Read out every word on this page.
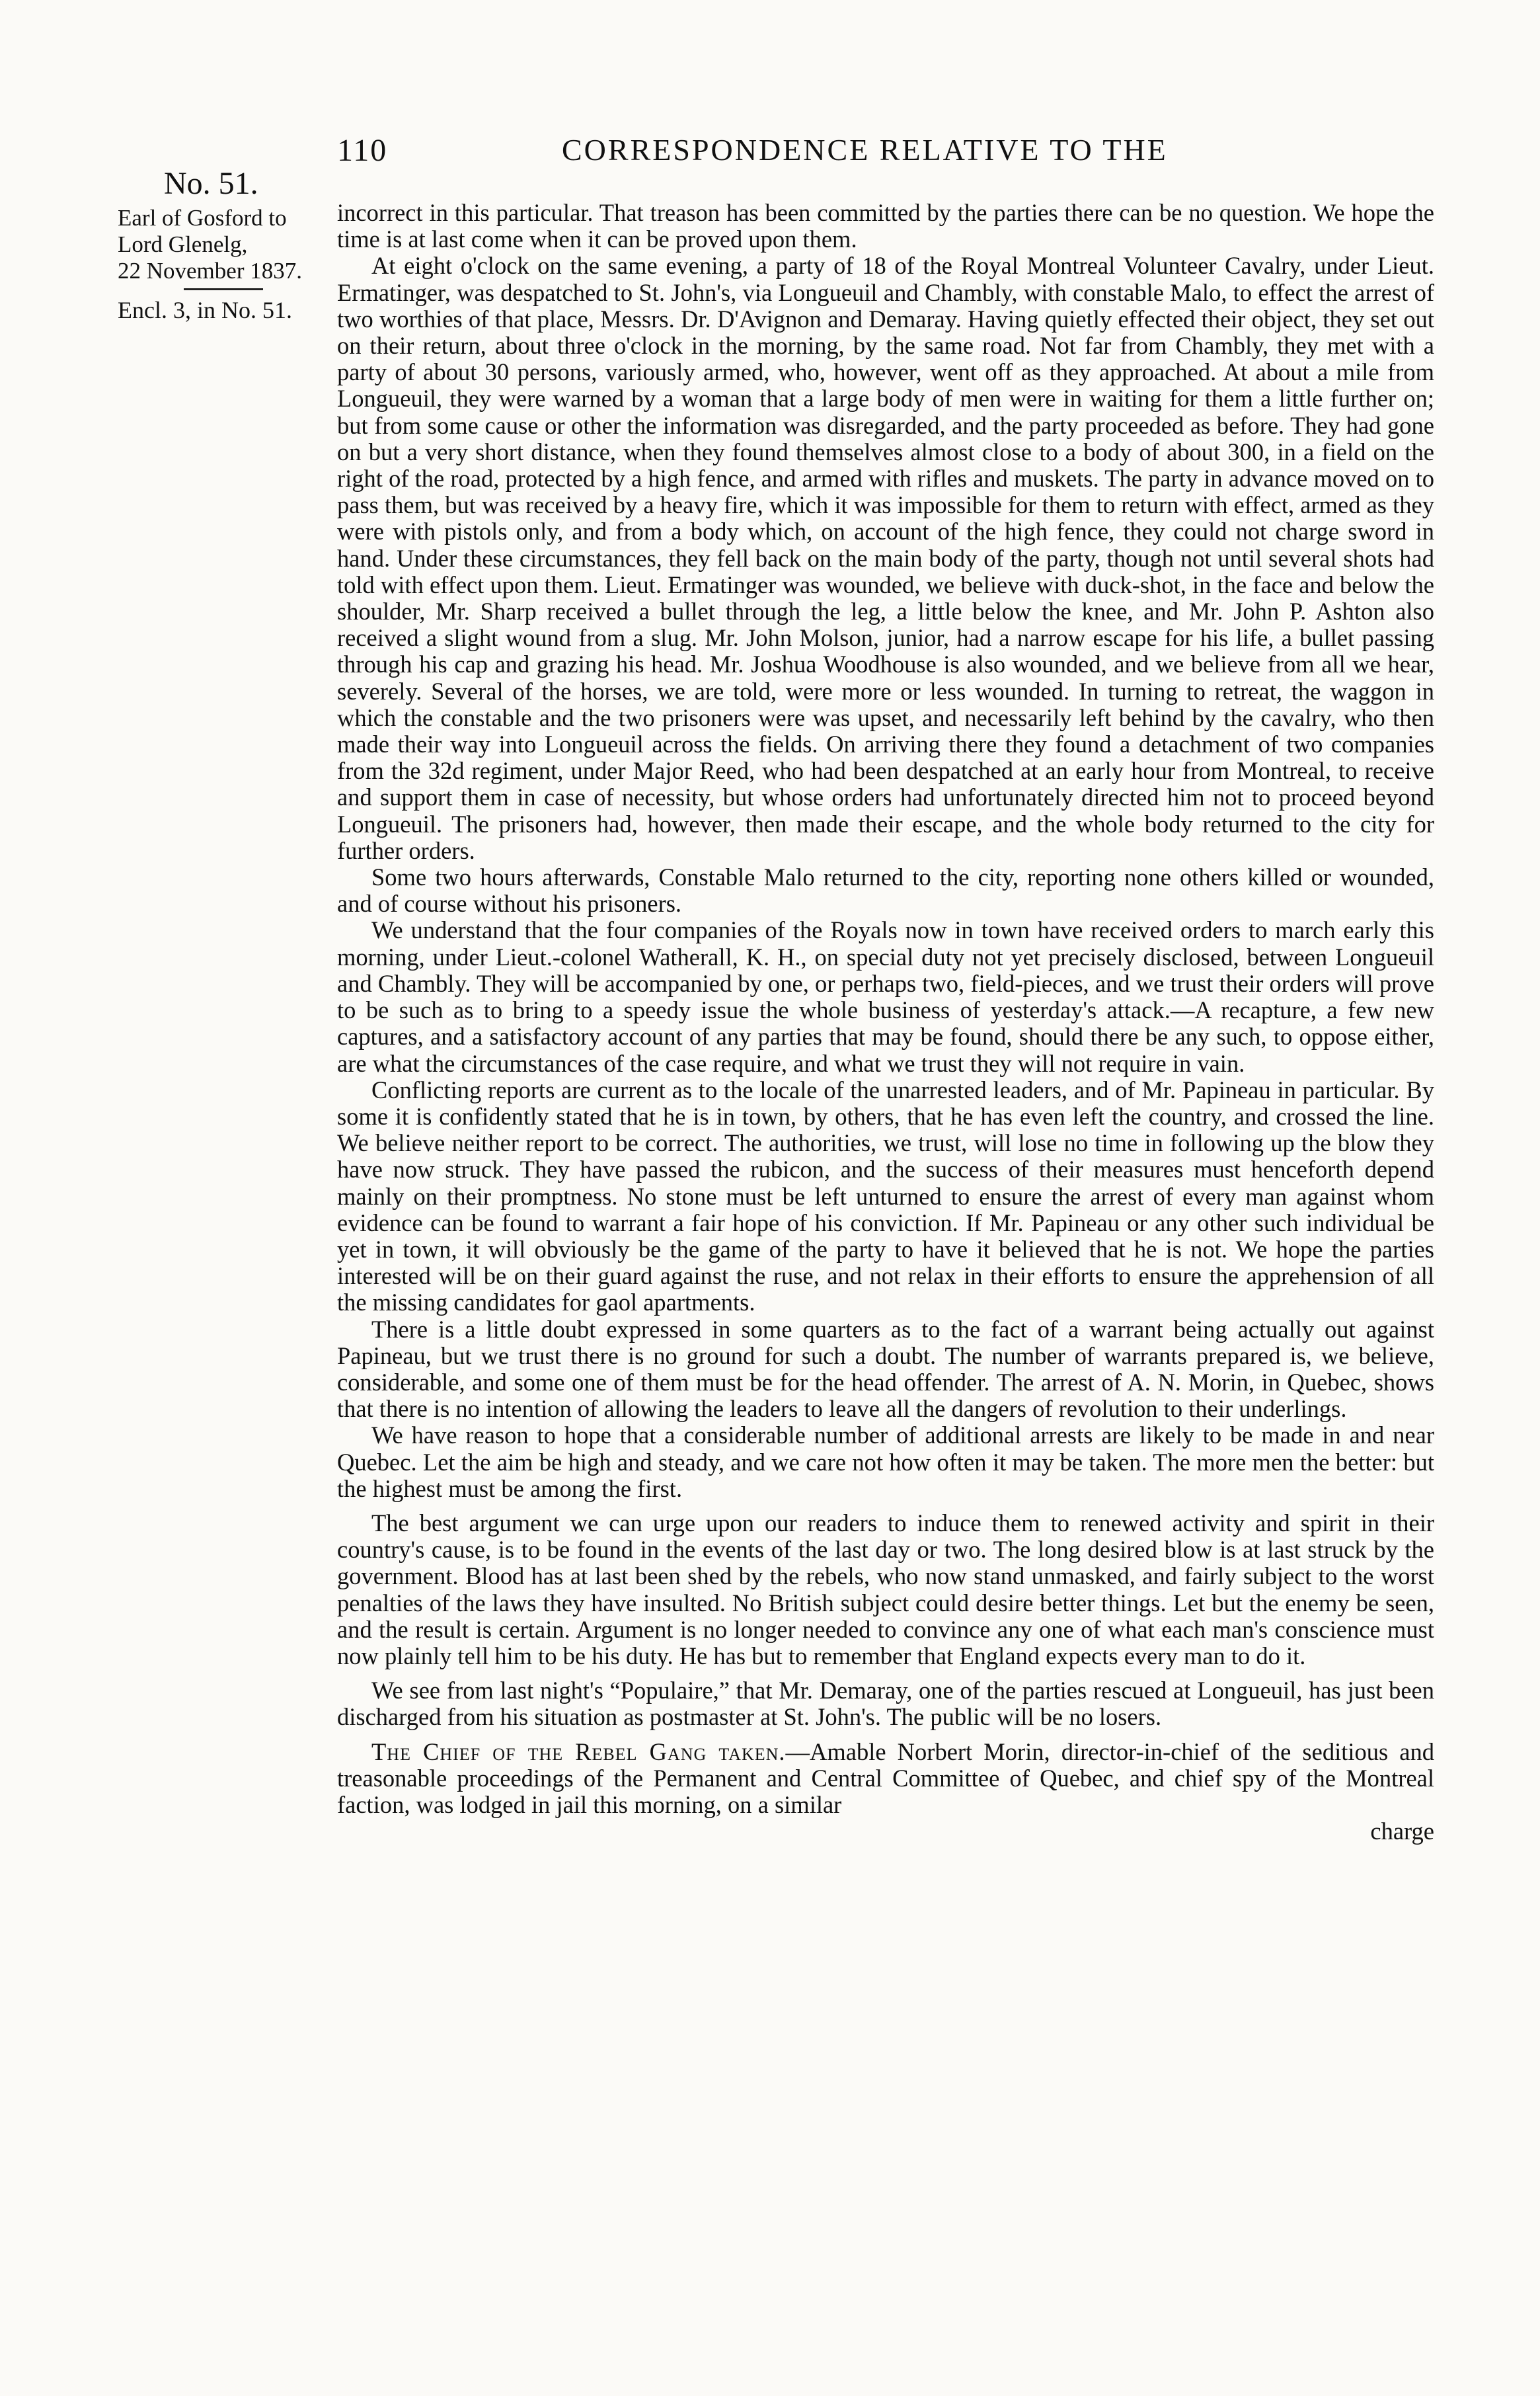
110	CORRESPONDENCE RELATIVE TO THE
No. 51.
Earl of Gosford to
Lord Glenelg,
22 November 1837.
Encl. 3, in No. 51.

incorrect in this particular. That treason has been committed by the parties there can be no question. We hope the time is at last come when it can be proved upon them.

At eight o'clock on the same evening, a party of 18 of the Royal Montreal Volunteer Cavalry, under Lieut. Ermatinger, was despatched to St. John's, via Longueuil and Chambly, with constable Malo, to effect the arrest of two worthies of that place, Messrs. Dr. D'Avignon and Demaray. Having quietly effected their object, they set out on their return, about three o'clock in the morning, by the same road. Not far from Chambly, they met with a party of about 30 persons, variously armed, who, however, went off as they approached. At about a mile from Longueuil, they were warned by a woman that a large body of men were in waiting for them a little further on; but from some cause or other the information was disregarded, and the party proceeded as before. They had gone on but a very short distance, when they found themselves almost close to a body of about 300, in a field on the right of the road, protected by a high fence, and armed with rifles and muskets. The party in advance moved on to pass them, but was received by a heavy fire, which it was impossible for them to return with effect, armed as they were with pistols only, and from a body which, on account of the high fence, they could not charge sword in hand. Under these circumstances, they fell back on the main body of the party, though not until several shots had told with effect upon them. Lieut. Ermatinger was wounded, we believe with duck-shot, in the face and below the shoulder, Mr. Sharp received a bullet through the leg, a little below the knee, and Mr. John P. Ashton also received a slight wound from a slug. Mr. John Molson, junior, had a narrow escape for his life, a bullet passing through his cap and grazing his head. Mr. Joshua Woodhouse is also wounded, and we believe from all we hear, severely. Several of the horses, we are told, were more or less wounded. In turning to retreat, the waggon in which the constable and the two prisoners were was upset, and necessarily left behind by the cavalry, who then made their way into Longueuil across the fields. On arriving there they found a detachment of two companies from the 32d regiment, under Major Reed, who had been despatched at an early hour from Montreal, to receive and support them in case of necessity, but whose orders had unfortunately directed him not to proceed beyond Longueuil. The prisoners had, however, then made their escape, and the whole body returned to the city for further orders.

Some two hours afterwards, Constable Malo returned to the city, reporting none others killed or wounded, and of course without his prisoners.

We understand that the four companies of the Royals now in town have received orders to march early this morning, under Lieut.-colonel Watherall, K. H., on special duty not yet precisely disclosed, between Longueuil and Chambly. They will be accompanied by one, or perhaps two, field-pieces, and we trust their orders will prove to be such as to bring to a speedy issue the whole business of yesterday's attack.—A recapture, a few new captures, and a satisfactory account of any parties that may be found, should there be any such, to oppose either, are what the circumstances of the case require, and what we trust they will not require in vain.

Conflicting reports are current as to the locale of the unarrested leaders, and of Mr. Papineau in particular. By some it is confidently stated that he is in town, by others, that he has even left the country, and crossed the line. We believe neither report to be correct. The authorities, we trust, will lose no time in following up the blow they have now struck. They have passed the rubicon, and the success of their measures must henceforth depend mainly on their promptness. No stone must be left unturned to ensure the arrest of every man against whom evidence can be found to warrant a fair hope of his conviction. If Mr. Papineau or any other such individual be yet in town, it will obviously be the game of the party to have it believed that he is not. We hope the parties interested will be on their guard against the ruse, and not relax in their efforts to ensure the apprehension of all the missing candidates for gaol apartments.

There is a little doubt expressed in some quarters as to the fact of a warrant being actually out against Papineau, but we trust there is no ground for such a doubt. The number of warrants prepared is, we believe, considerable, and some one of them must be for the head offender. The arrest of A. N. Morin, in Quebec, shows that there is no intention of allowing the leaders to leave all the dangers of revolution to their underlings.

We have reason to hope that a considerable number of additional arrests are likely to be made in and near Quebec. Let the aim be high and steady, and we care not how often it may be taken. The more men the better: but the highest must be among the first.

The best argument we can urge upon our readers to induce them to renewed activity and spirit in their country's cause, is to be found in the events of the last day or two. The long desired blow is at last struck by the government. Blood has at last been shed by the rebels, who now stand unmasked, and fairly subject to the worst penalties of the laws they have insulted. No British subject could desire better things. Let but the enemy be seen, and the result is certain. Argument is no longer needed to convince any one of what each man's conscience must now plainly tell him to be his duty. He has but to remember that England expects every man to do it.

We see from last night's “Populaire,” that Mr. Demaray, one of the parties rescued at Longueuil, has just been discharged from his situation as postmaster at St. John's. The public will be no losers.

The Chief of the Rebel Gang taken.—Amable Norbert Morin, director-in-chief of the seditious and treasonable proceedings of the Permanent and Central Committee of Quebec, and chief spy of the Montreal faction, was lodged in jail this morning, on a similar

charge
